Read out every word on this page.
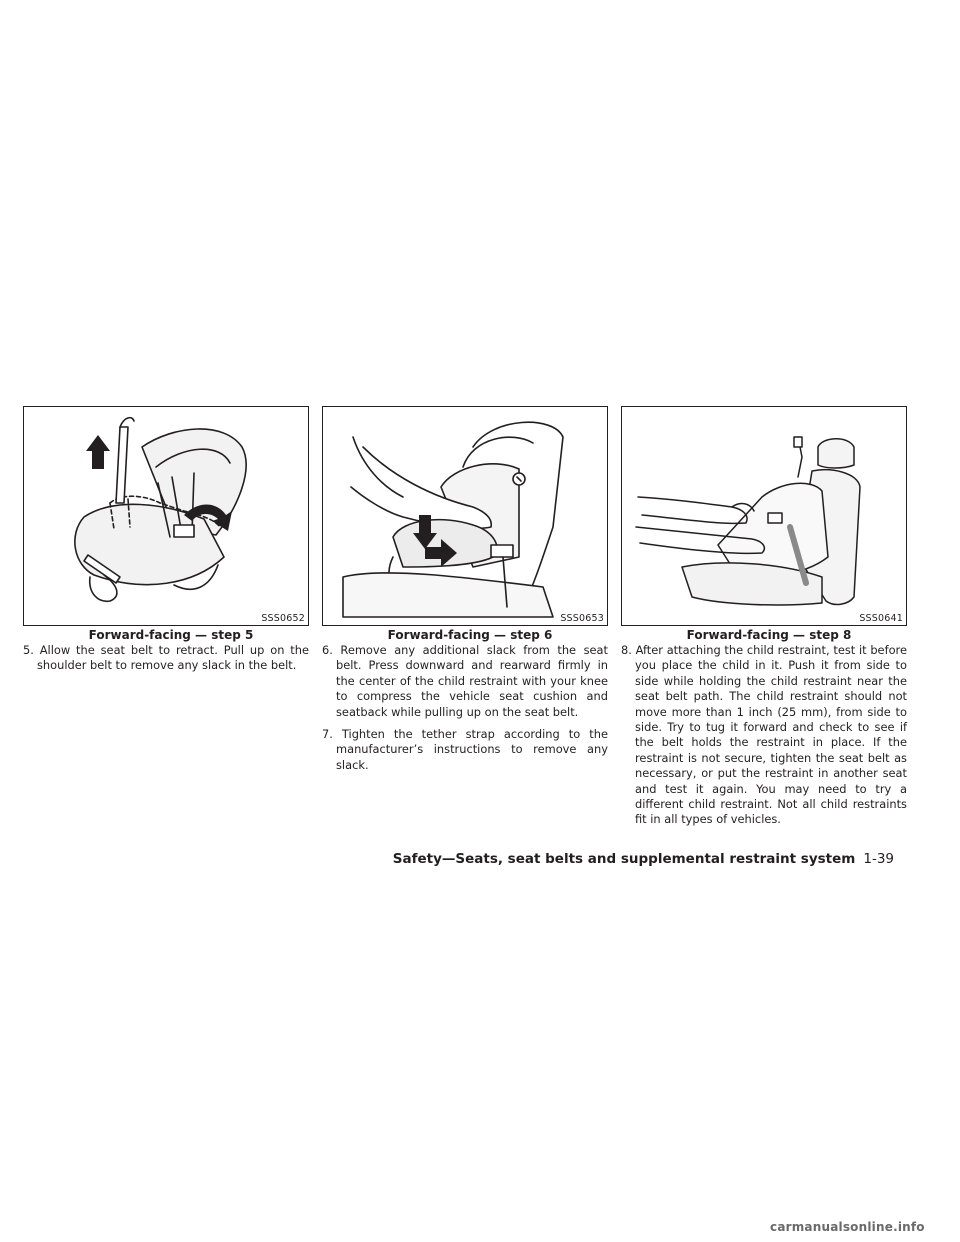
SSS0652
Forward-facing — step 5

5. Allow the seat belt to retract. Pull up on the shoulder belt to remove any slack in the belt.

SSS0653
Forward-facing — step 6

6. Remove any additional slack from the seat belt. Press downward and rearward firmly in the center of the child restraint with your knee to compress the vehicle seat cushion and seatback while pulling up on the seat belt.

7. Tighten the tether strap according to the manufacturer’s instructions to remove any slack.

SSS0641
Forward-facing — step 8

8. After attaching the child restraint, test it before you place the child in it. Push it from side to side while holding the child restraint near the seat belt path. The child restraint should not move more than 1 inch (25 mm), from side to side. Try to tug it forward and check to see if the belt holds the restraint in place. If the restraint is not secure, tighten the seat belt as necessary, or put the restraint in another seat and test it again. You may need to try a different child restraint. Not all child restraints fit in all types of vehicles.

Safety—Seats, seat belts and supplemental restraint system 1-39
carmanualsonline.info
